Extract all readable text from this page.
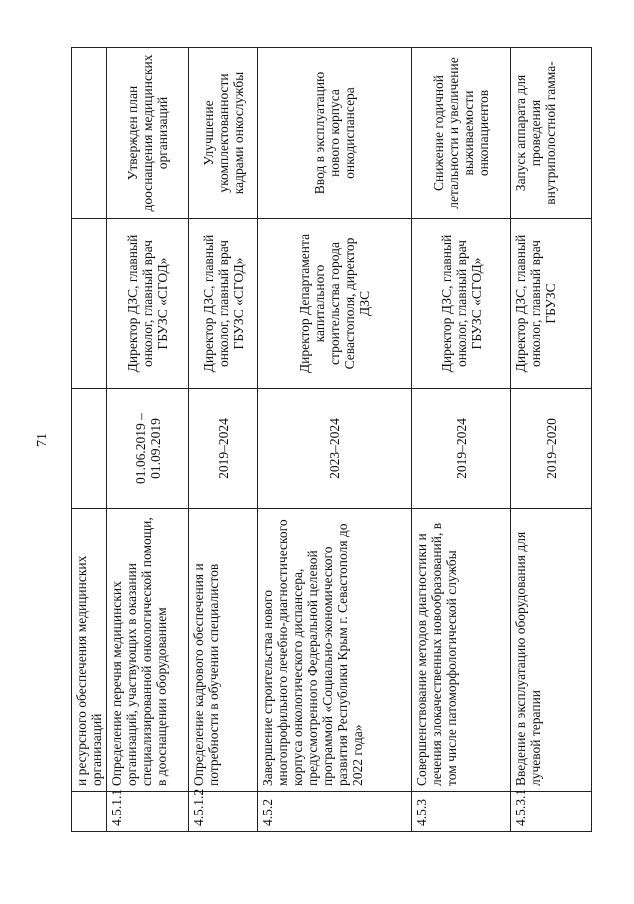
71
	и ресурсного обеспечения медицинских организаций			
4.5.1.1	Определение перечня медицинских организаций, участвующих в оказании специализированной онкологической помощи, в дооснащении оборудованием	01.06.2019 – 01.09.2019	Директор ДЗС, главный онколог, главный врач ГБУЗС «СГОД»	Утвержден план дооснащения медицинских организаций
4.5.1.2	Определение кадрового обеспечения и потребности в обучении специалистов	2019–2024	Директор ДЗС, главный онколог, главный врач ГБУЗС «СГОД»	Улучшение укомплектованности кадрами онкослужбы
4.5.2	Завершение строительства нового многопрофильного лечебно-диагностического корпуса онкологического диспансера, предусмотренного Федеральной целевой программой «Социально-экономического развития Республики Крым г. Севастополя до 2022 года»	2023–2024	Директор Департамента капитального строительства города Севастополя, директор ДЗС	Ввод в эксплуатацию нового корпуса онкодиспансера
4.5.3	Совершенствование методов диагностики и лечения злокачественных новообразований, в том числе патоморфологической службы	2019–2024	Директор ДЗС, главный онколог, главный врач ГБУЗС «СГОД»	Снижение годичной летальности и увеличение выживаемости онкопациентов
4.5.3.1	Введение в эксплуатацию оборудования для лучевой терапии	2019–2020	Директор ДЗС, главный онколог, главный врач ГБУЗС	Запуск аппарата для проведения внутриполостной гамма-
